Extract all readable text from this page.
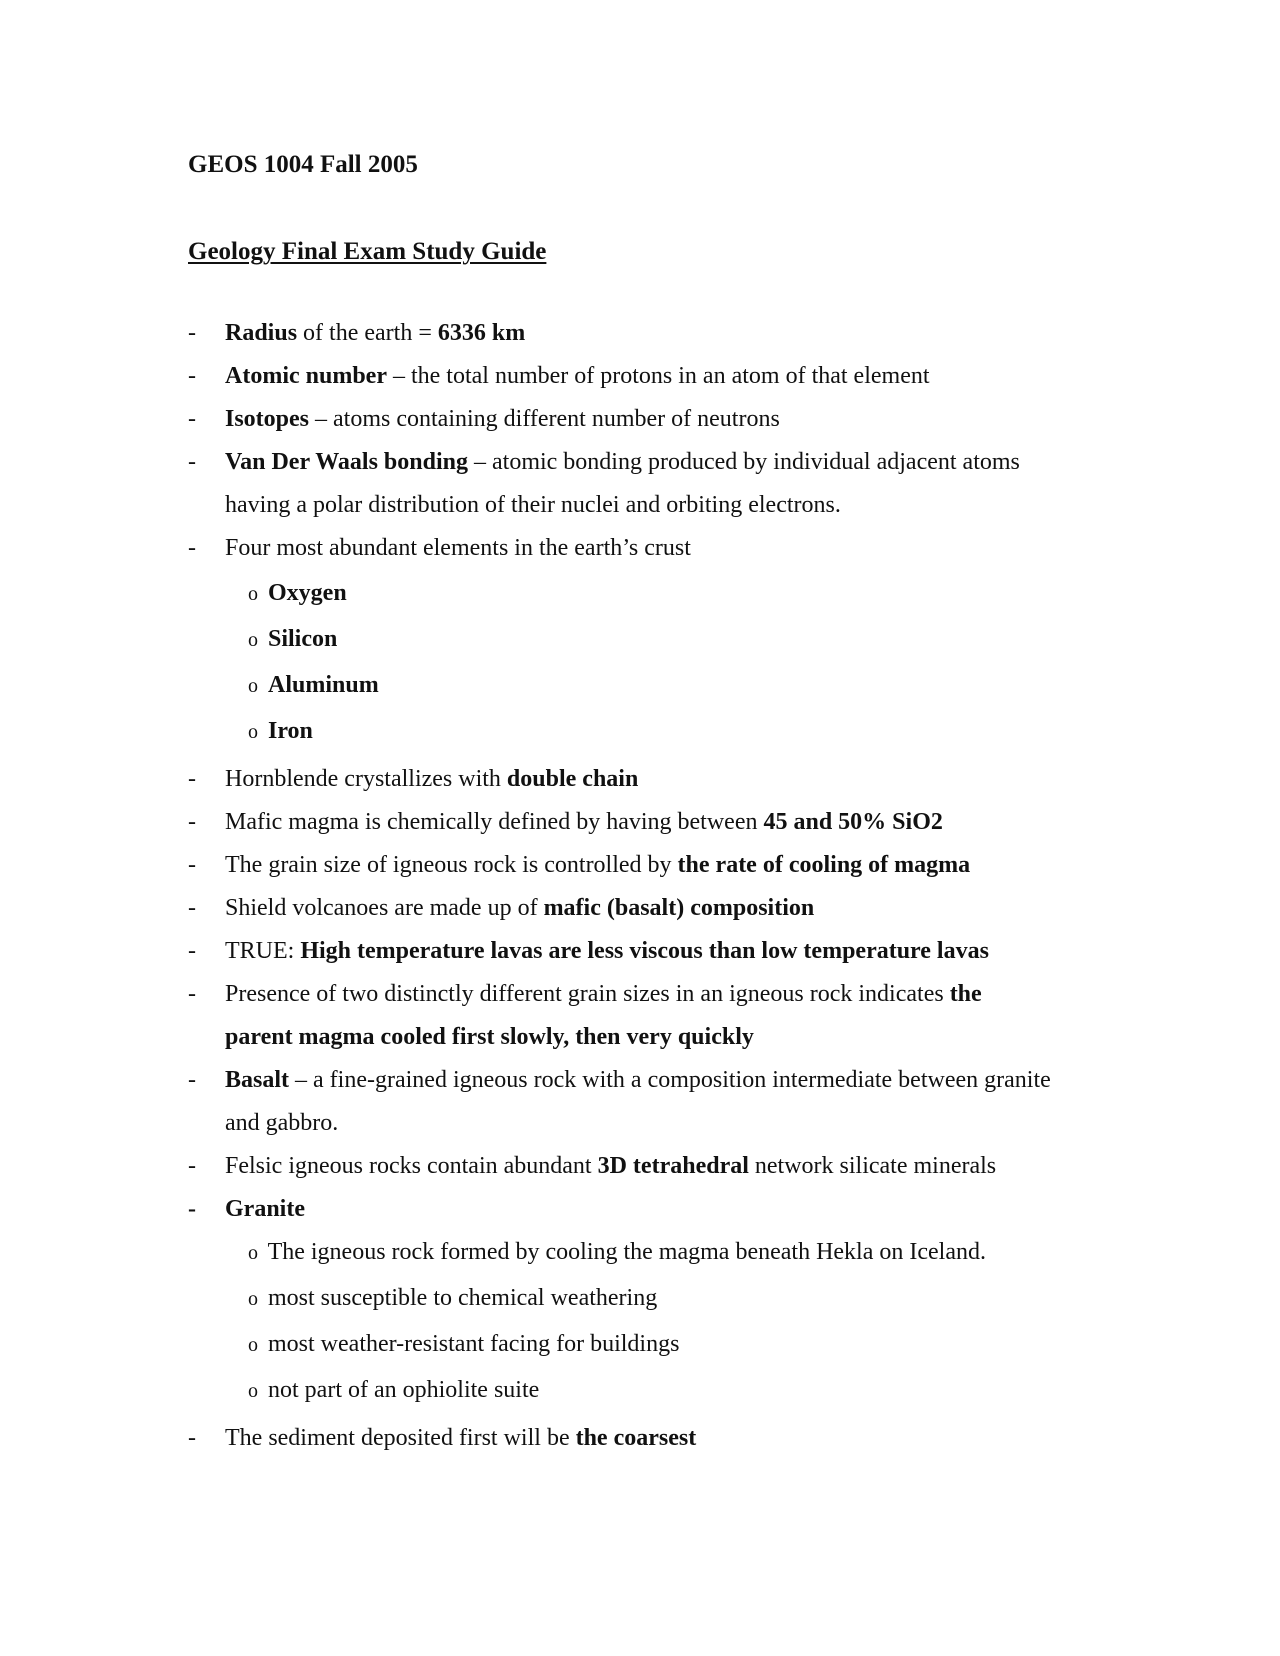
GEOS 1004 Fall 2005
Geology Final Exam Study Guide
- Radius of the earth = 6336 km
- Atomic number – the total number of protons in an atom of that element
- Isotopes – atoms containing different number of neutrons
- Van Der Waals bonding – atomic bonding produced by individual adjacent atoms
having a polar distribution of their nuclei and orbiting electrons.
- Four most abundant elements in the earth’s crust
o Oxygen
o Silicon
o Aluminum
o Iron
- Hornblende crystallizes with double chain
- Mafic magma is chemically defined by having between 45 and 50% SiO2
- The grain size of igneous rock is controlled by the rate of cooling of magma
- Shield volcanoes are made up of mafic (basalt) composition
- TRUE: High temperature lavas are less viscous than low temperature lavas
- Presence of two distinctly different grain sizes in an igneous rock indicates the
parent magma cooled first slowly, then very quickly
- Basalt – a fine-grained igneous rock with a composition intermediate between granite
and gabbro.
- Felsic igneous rocks contain abundant 3D tetrahedral network silicate minerals
- Granite
o The igneous rock formed by cooling the magma beneath Hekla on Iceland.
o most susceptible to chemical weathering
o most weather-resistant facing for buildings
o not part of an ophiolite suite
- The sediment deposited first will be the coarsest
